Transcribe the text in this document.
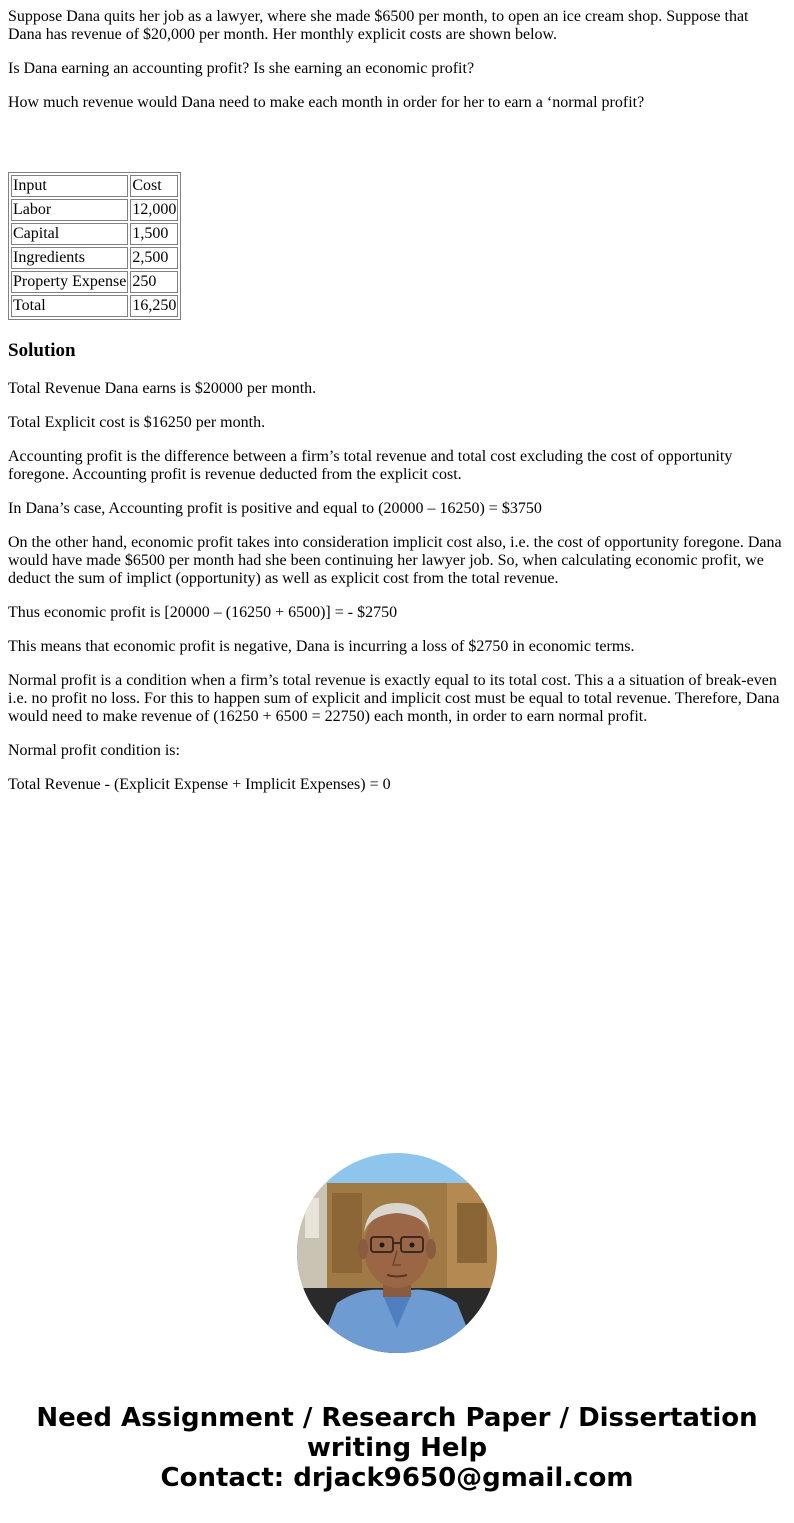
Suppose Dana quits her job as a lawyer, where she made $6500 per month, to open an ice cream shop. Suppose that Dana has revenue of $20,000 per month. Her monthly explicit costs are shown below.

Is Dana earning an accounting profit? Is she earning an economic profit?

How much revenue would Dana need to make each month in order for her to earn a ‘normal profit?

Input	Cost
Labor	12,000
Capital	1,500
Ingredients	2,500
Property Expense	250
Total	16,250
Solution

Total Revenue Dana earns is $20000 per month.

Total Explicit cost is $16250 per month.

Accounting profit is the difference between a firm’s total revenue and total cost excluding the cost of opportunity foregone. Accounting profit is revenue deducted from the explicit cost.

In Dana’s case, Accounting profit is positive and equal to (20000 – 16250) = $3750

On the other hand, economic profit takes into consideration implicit cost also, i.e. the cost of opportunity foregone. Dana would have made $6500 per month had she been continuing her lawyer job. So, when calculating economic profit, we deduct the sum of implict (opportunity) as well as explicit cost from the total revenue.

Thus economic profit is [20000 – (16250 + 6500)] = - $2750

This means that economic profit is negative, Dana is incurring a loss of $2750 in economic terms.

Normal profit is a condition when a firm’s total revenue is exactly equal to its total cost. This a a situation of break-even i.e. no profit no loss. For this to happen sum of explicit and implicit cost must be equal to total revenue. Therefore, Dana would need to make revenue of (16250 + 6500 = 22750) each month, in order to earn normal profit.

Normal profit condition is:

Total Revenue - (Explicit Expense + Implicit Expenses) = 0

Need Assignment / Research Paper / Dissertation
writing Help
Contact: drjack9650@gmail.com
